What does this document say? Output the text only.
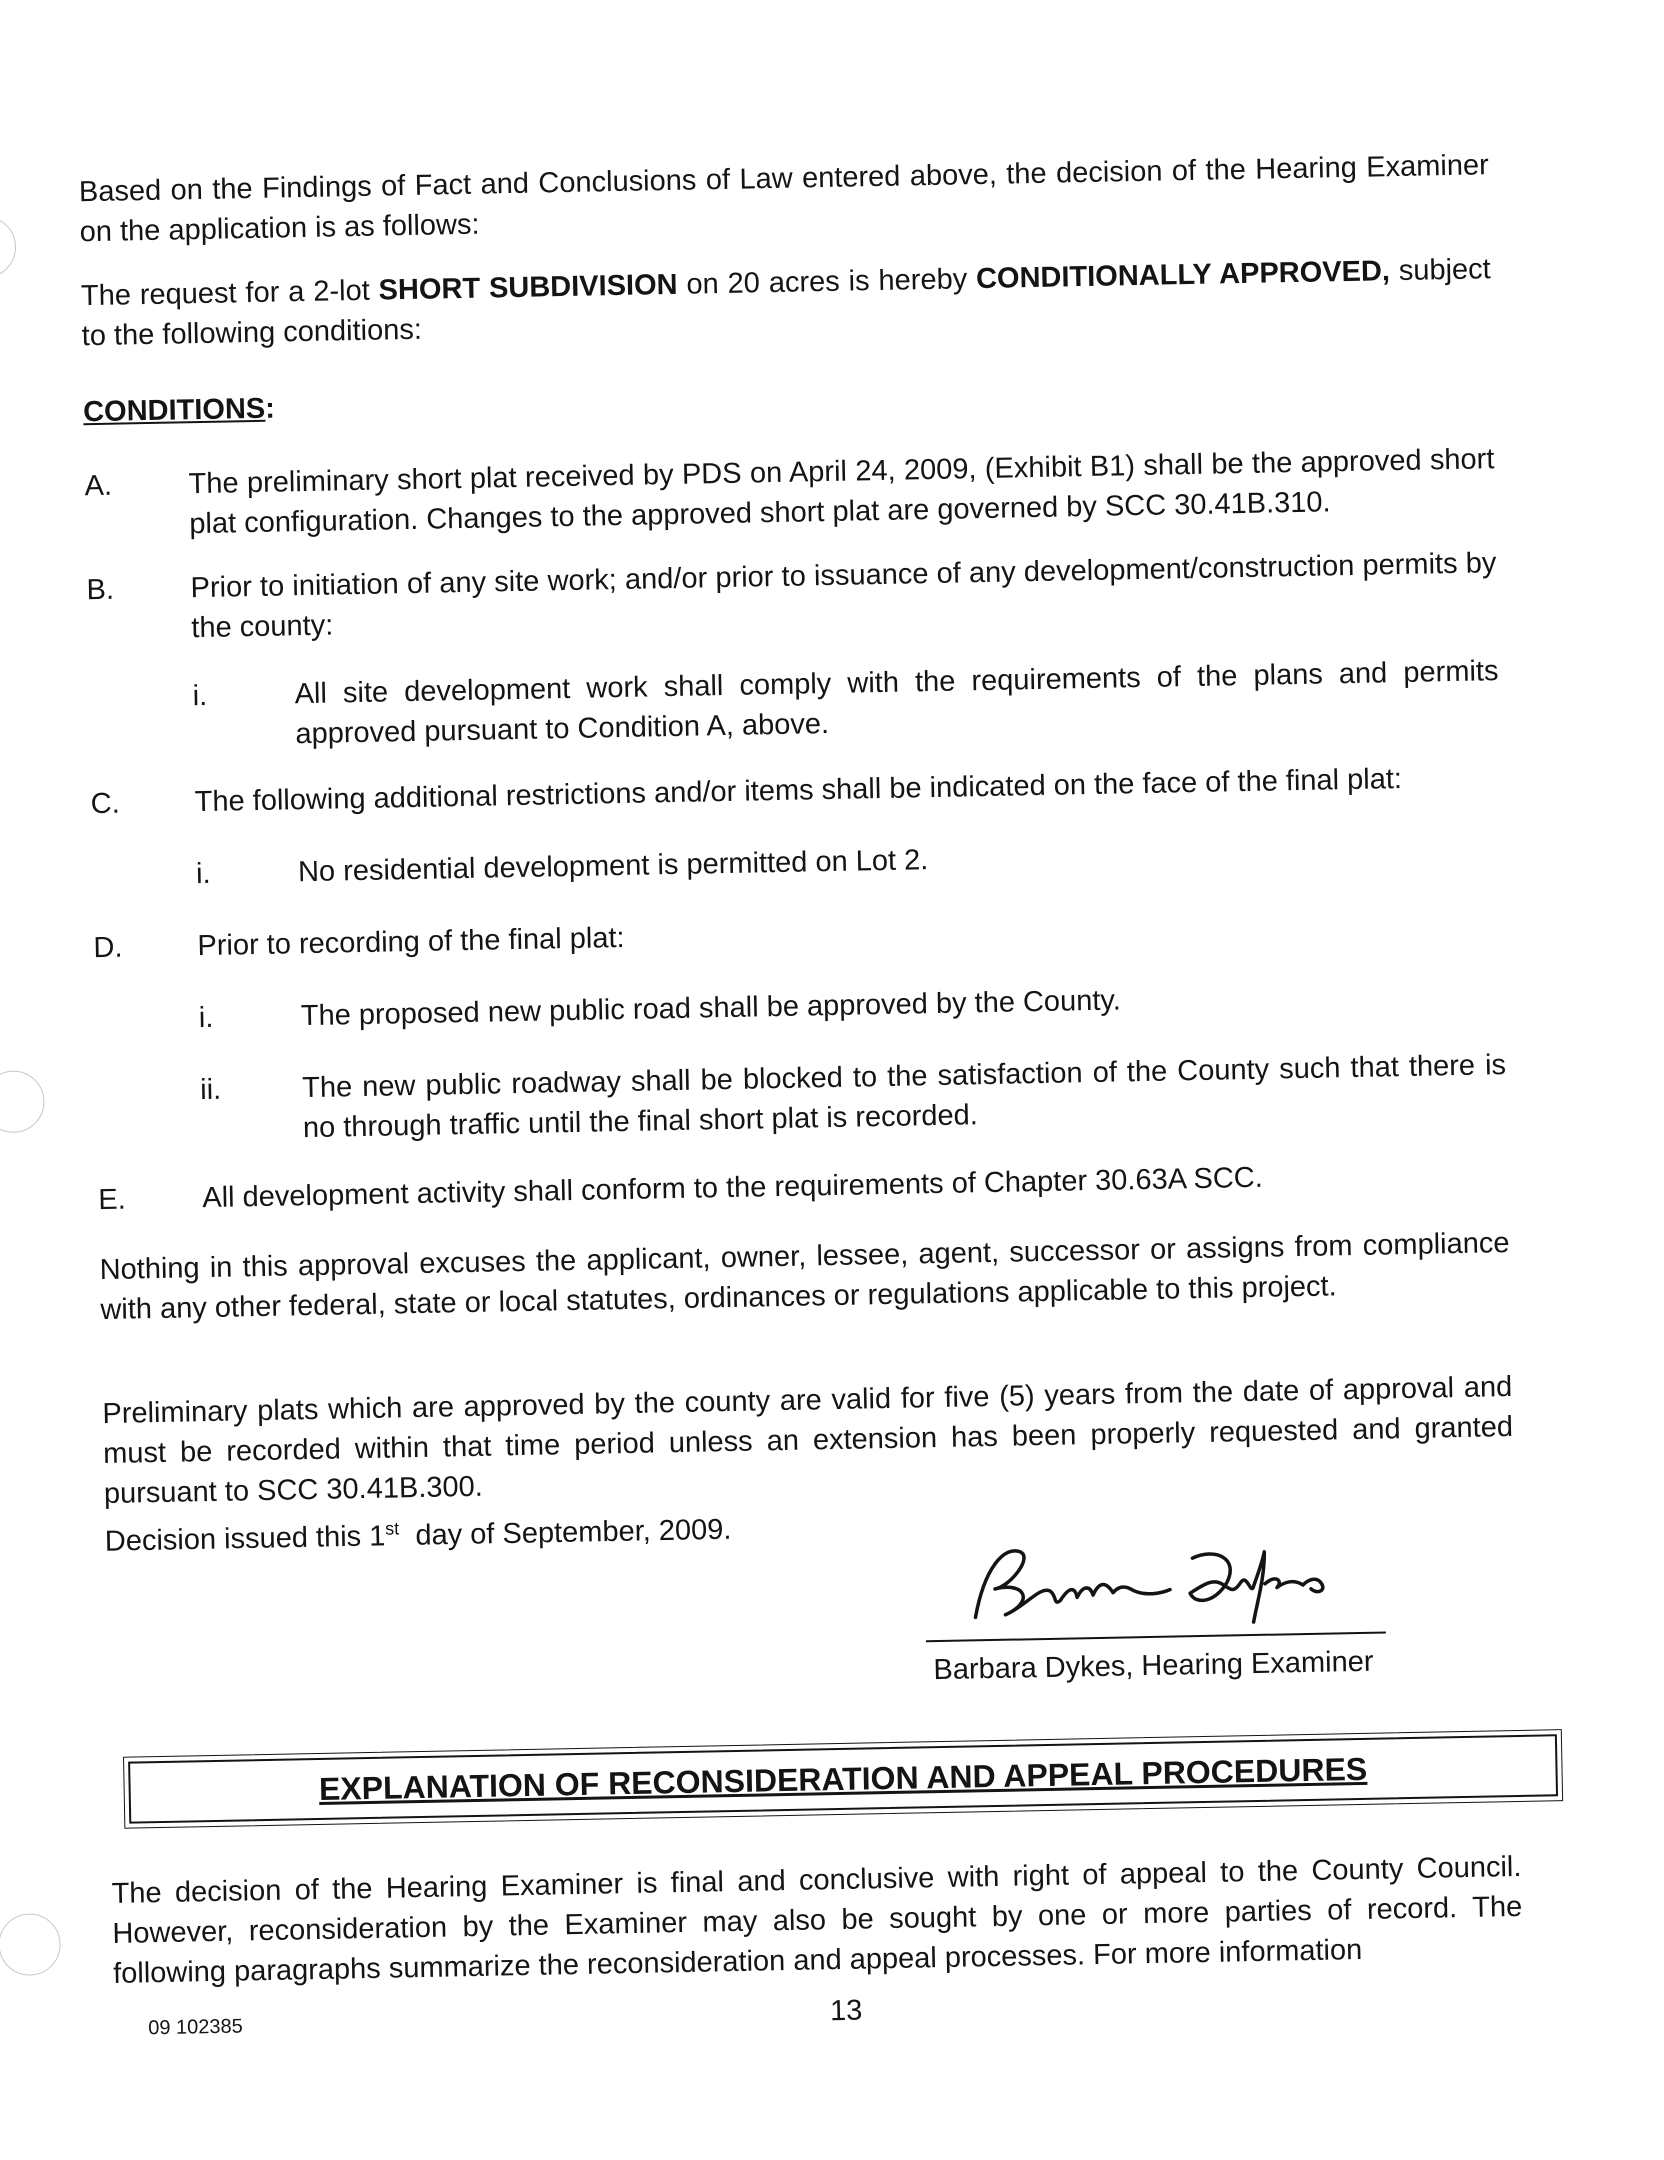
Based on the Findings of Fact and Conclusions of Law entered above, the decision of the Hearing Examiner on the application is as follows:

The request for a 2-lot SHORT SUBDIVISION on 20 acres is hereby CONDITIONALLY APPROVED, subject to the following conditions:

CONDITIONS:

A.	The preliminary short plat received by PDS on April 24, 2009, (Exhibit B1) shall be the approved short plat configuration. Changes to the approved short plat are governed by SCC 30.41B.310.
B.	Prior to initiation of any site work; and/or prior to issuance of any development/construction permits by the county:
i.	All site development work shall comply with the requirements of the plans and permits approved pursuant to Condition A, above.
C.	The following additional restrictions and/or items shall be indicated on the face of the final plat:
i.	No residential development is permitted on Lot 2.
D.	Prior to recording of the final plat:
i.	The proposed new public road shall be approved by the County.
ii.	The new public roadway shall be blocked to the satisfaction of the County such that there is no through traffic until the final short plat is recorded.
E.	All development activity shall conform to the requirements of Chapter 30.63A SCC.

Nothing in this approval excuses the applicant, owner, lessee, agent, successor or assigns from compliance with any other federal, state or local statutes, ordinances or regulations applicable to this project.

Preliminary plats which are approved by the county are valid for five (5) years from the date of approval and must be recorded within that time period unless an extension has been properly requested and granted pursuant to SCC 30.41B.300.

Decision issued this 1st  day of September, 2009.

Barbara Dykes, Hearing Examiner

EXPLANATION OF RECONSIDERATION AND APPEAL PROCEDURES

The decision of the Hearing Examiner is final and conclusive with right of appeal to the County Council. However, reconsideration by the Examiner may also be sought by one or more parties of record. The following paragraphs summarize the reconsideration and appeal processes. For more information

09 102385

13
